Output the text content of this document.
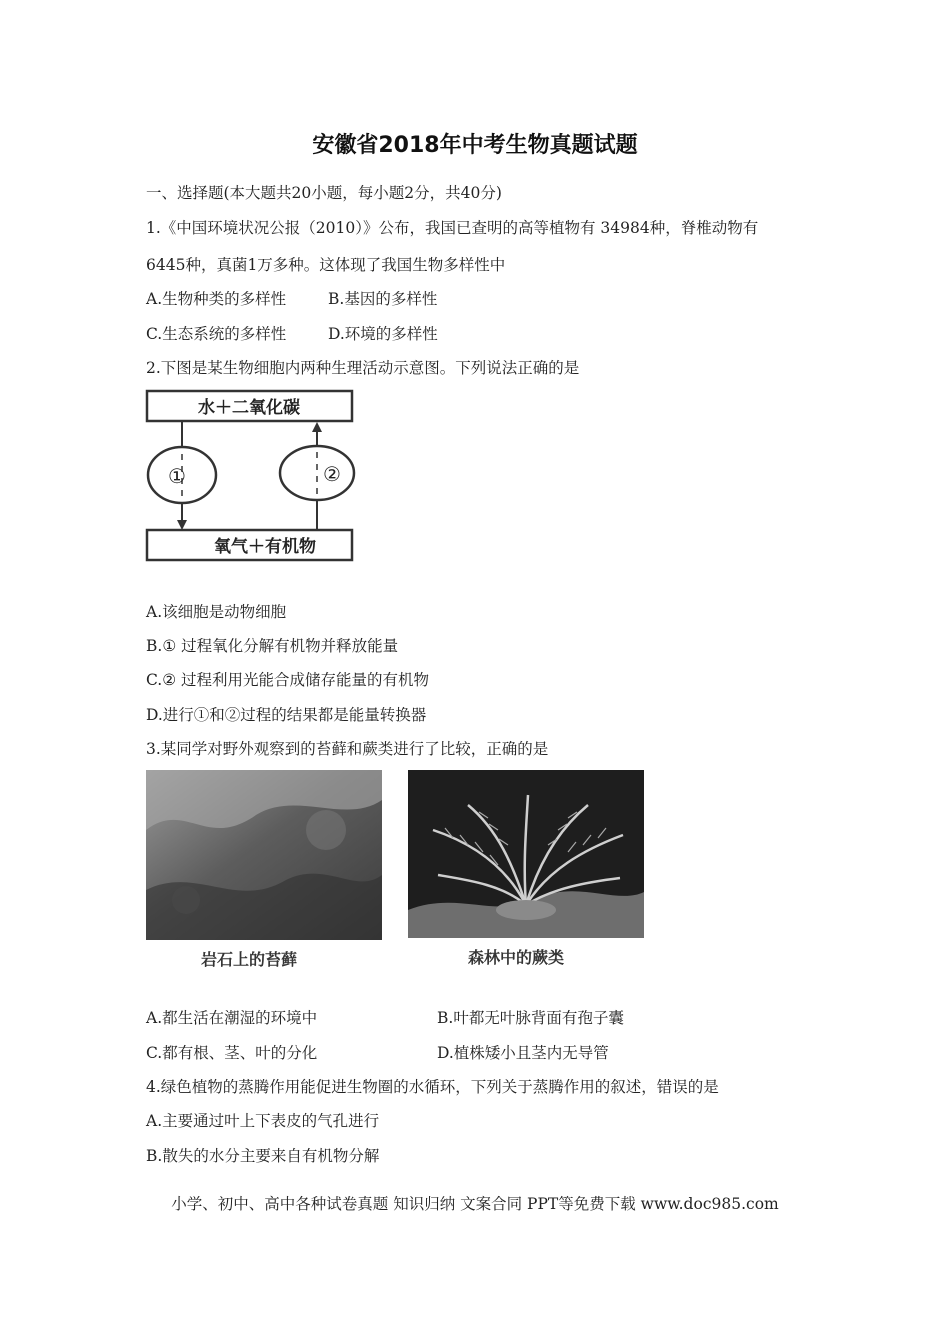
安徽省2018年中考生物真题试题
一、选择题(本大题共20小题，每小题2分，共40分)
1.《中国环境状况公报（2010）》公布，我国已查明的高等植物有 34984种，脊椎动物有
6445种，真菌1万多种。这体现了我国生物多样性中
A.生物种类的多样性	B.基因的多样性
C.生态系统的多样性	D.环境的多样性
2.下图是某生物细胞内两种生理活动示意图。下列说法正确的是
水＋二氧化碳
氧气＋有机物
①	②
A.该细胞是动物细胞
B.① 过程氧化分解有机物并释放能量
C.② 过程利用光能合成储存能量的有机物
D.进行①和②过程的结果都是能量转换器
3.某同学对野外观察到的苔藓和蕨类进行了比较，正确的是
岩石上的苔藓	森林中的蕨类
A.都生活在潮湿的环境中	B.叶都无叶脉背面有孢子囊
C.都有根、茎、叶的分化	D.植株矮小且茎内无导管
4.绿色植物的蒸腾作用能促进生物圈的水循环，下列关于蒸腾作用的叙述，错误的是
A.主要通过叶上下表皮的气孔进行
B.散失的水分主要来自有机物分解
小学、初中、高中各种试卷真题 知识归纳 文案合同 PPT等免费下载 www.doc985.com
